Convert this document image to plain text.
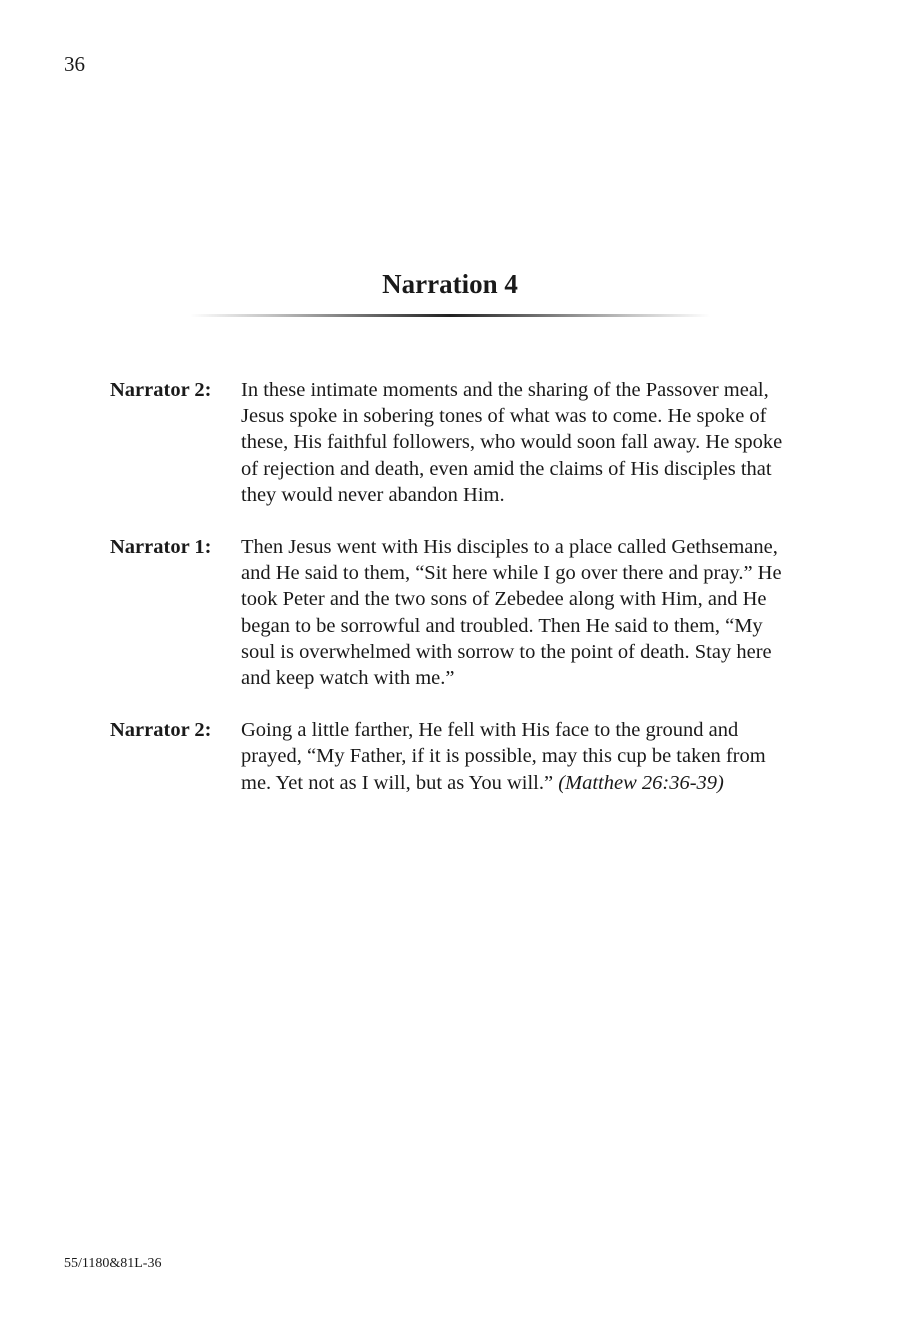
36
Narration 4
Narrator 2:	In these intimate moments and the sharing of the Passover meal, Jesus spoke in sobering tones of what was to come. He spoke of these, His faithful followers, who would soon fall away. He spoke of rejection and death, even amid the claims of His disciples that they would never abandon Him.
Narrator 1:	Then Jesus went with His disciples to a place called Gethsemane, and He said to them, “Sit here while I go over there and pray.” He took Peter and the two sons of Zebedee along with Him, and He began to be sorrowful and troubled. Then He said to them, “My soul is overwhelmed with sorrow to the point of death. Stay here and keep watch with me.”
Narrator 2:	Going a little farther, He fell with His face to the ground and prayed, “My Father, if it is possible, may this cup be taken from me. Yet not as I will, but as You will.” (Matthew 26:36-39)
55/1180&81L-36
